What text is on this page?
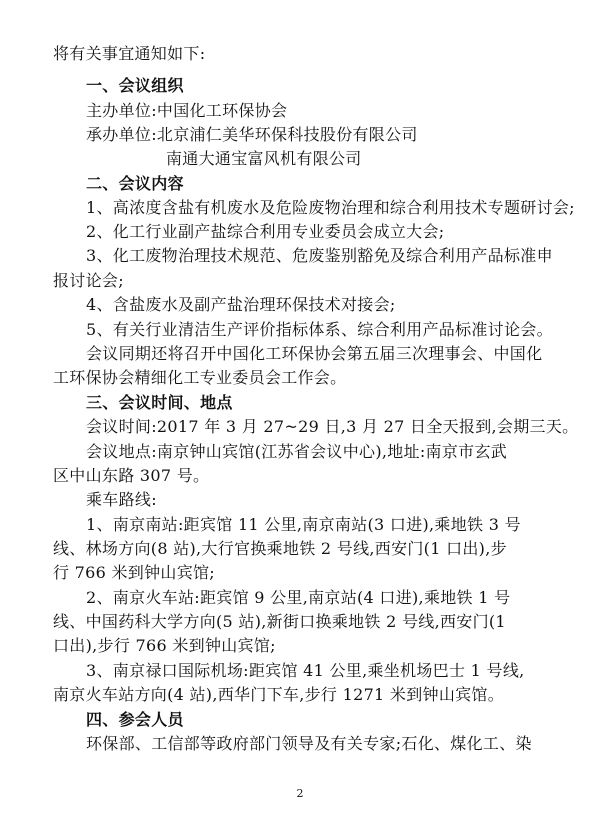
将有关事宜通知如下:
一、会议组织
主办单位:中国化工环保协会
承办单位:北京浦仁美华环保科技股份有限公司
南通大通宝富风机有限公司
二、会议内容
1、高浓度含盐有机废水及危险废物治理和综合利用技术专题研讨会;
2、化工行业副产盐综合利用专业委员会成立大会;
3、化工废物治理技术规范、危废鉴别豁免及综合利用产品标准申
报讨论会;
4、含盐废水及副产盐治理环保技术对接会;
5、有关行业清洁生产评价指标体系、综合利用产品标准讨论会。
会议同期还将召开中国化工环保协会第五届三次理事会、中国化
工环保协会精细化工专业委员会工作会。
三、会议时间、地点
会议时间:2017 年 3 月 27~29 日,3 月 27 日全天报到,会期三天。
会议地点:南京钟山宾馆(江苏省会议中心),地址:南京市玄武
区中山东路 307 号。
乘车路线:
1、南京南站:距宾馆 11 公里,南京南站(3 口进),乘地铁 3 号
线、林场方向(8 站),大行官换乘地铁 2 号线,西安门(1 口出),步
行 766 米到钟山宾馆;
2、南京火车站:距宾馆 9 公里,南京站(4 口进),乘地铁 1 号
线、中国药科大学方向(5 站),新街口换乘地铁 2 号线,西安门(1
口出),步行 766 米到钟山宾馆;
3、南京禄口国际机场:距宾馆 41 公里,乘坐机场巴士 1 号线,
南京火车站方向(4 站),西华门下车,步行 1271 米到钟山宾馆。
四、参会人员
环保部、工信部等政府部门领导及有关专家;石化、煤化工、染
2
